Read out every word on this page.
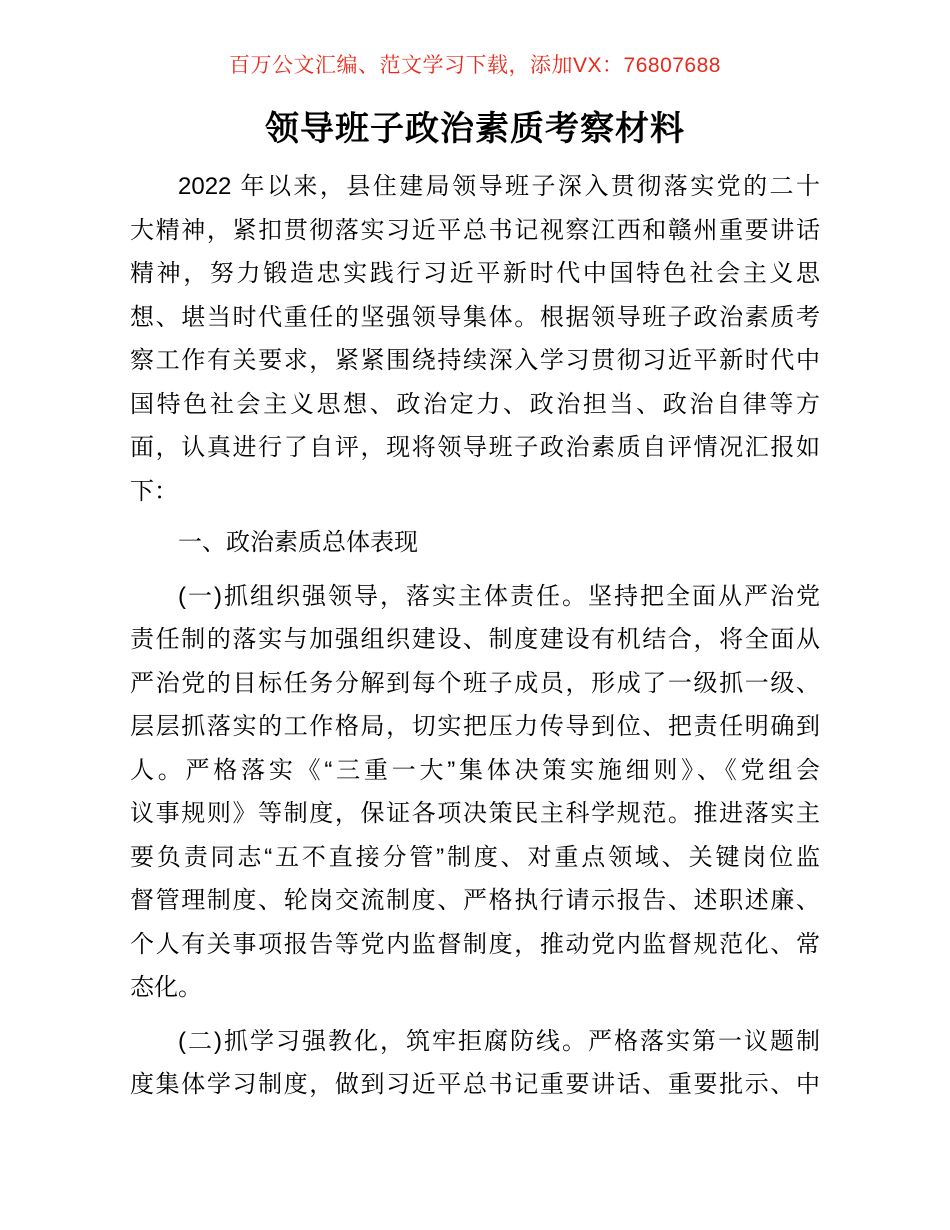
百万公文汇编、范文学习下载，添加VX：76807688
领导班子政治素质考察材料
2022 年以来，县住建局领导班子深入贯彻落实党的二十
大精神，紧扣贯彻落实习近平总书记视察江西和赣州重要讲话
精神，努力锻造忠实践行习近平新时代中国特色社会主义思
想、堪当时代重任的坚强领导集体。根据领导班子政治素质考
察工作有关要求，紧紧围绕持续深入学习贯彻习近平新时代中
国特色社会主义思想、政治定力、政治担当、政治自律等方
面，认真进行了自评，现将领导班子政治素质自评情况汇报如
下：
一、政治素质总体表现
(一)抓组织强领导，落实主体责任。坚持把全面从严治党
责任制的落实与加强组织建设、制度建设有机结合，将全面从
严治党的目标任务分解到每个班子成员，形成了一级抓一级、
层层抓落实的工作格局，切实把压力传导到位、把责任明确到
人。严格落实《“三重一大”集体决策实施细则》、《党组会
议事规则》等制度，保证各项决策民主科学规范。推进落实主
要负责同志“五不直接分管”制度、对重点领域、关键岗位监
督管理制度、轮岗交流制度、严格执行请示报告、述职述廉、
个人有关事项报告等党内监督制度，推动党内监督规范化、常
态化。
(二)抓学习强教化，筑牢拒腐防线。严格落实第一议题制
度集体学习制度，做到习近平总书记重要讲话、重要批示、中
